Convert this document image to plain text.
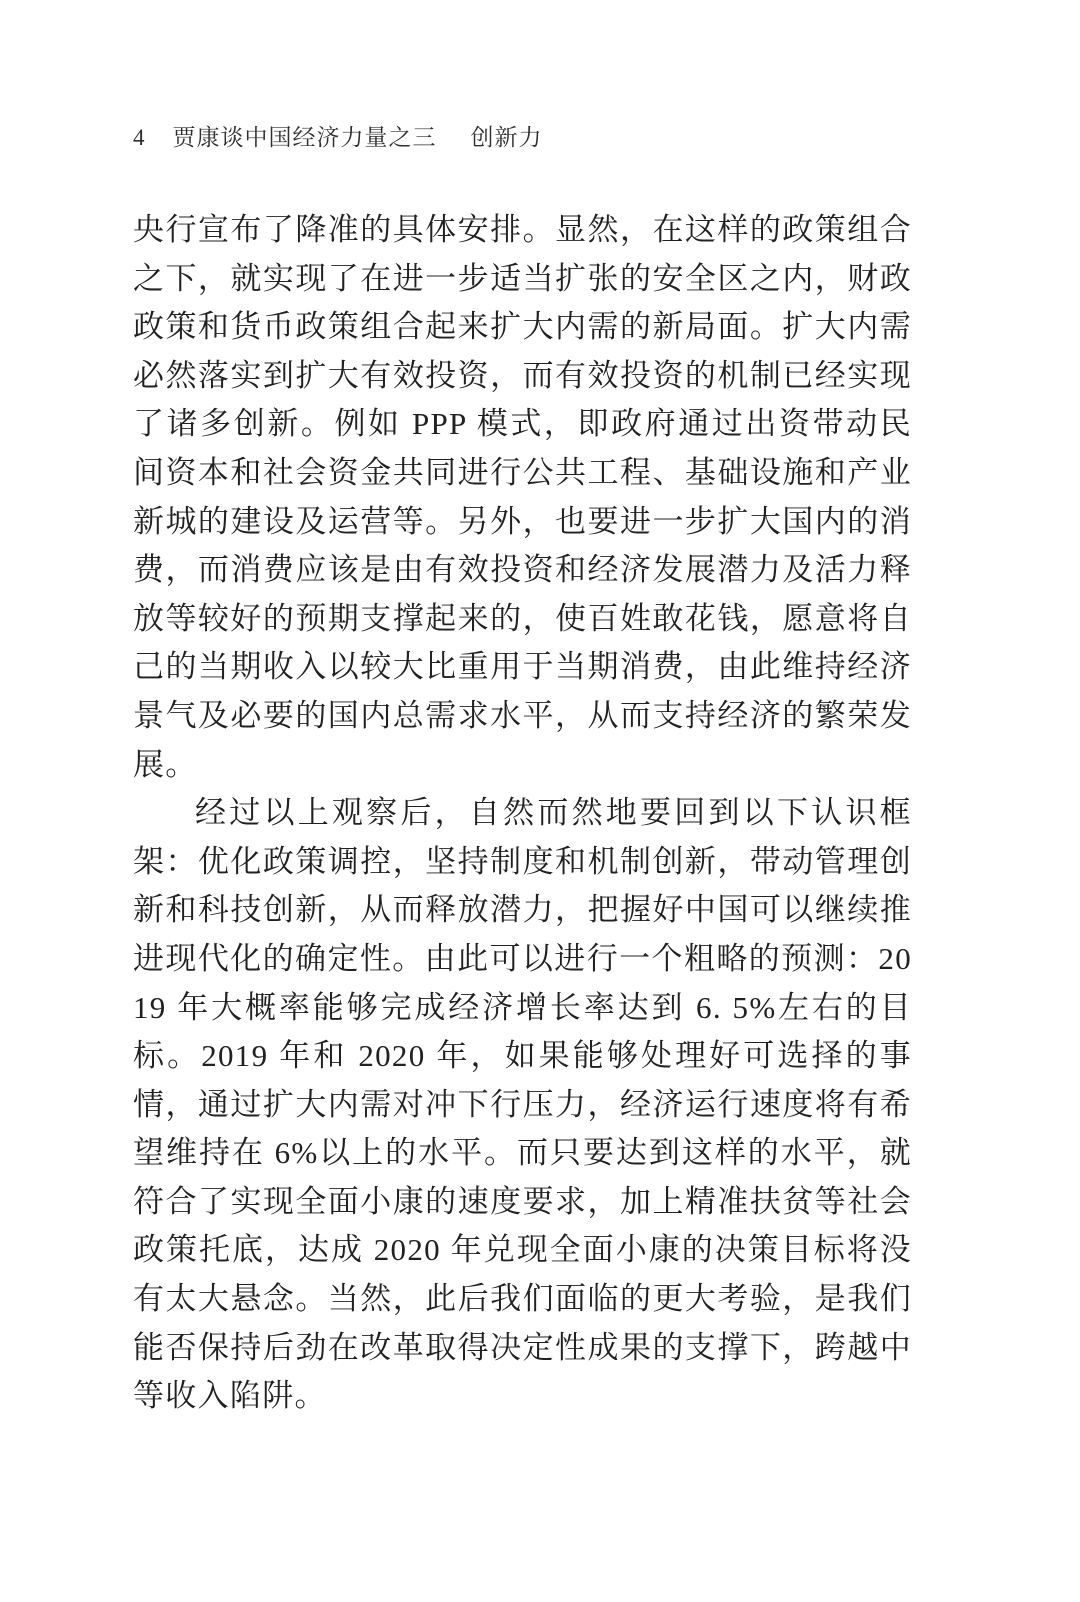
4 贾康谈中国经济力量之三 创新力

央行宣布了降准的具体安排。显然，在这样的政策组合之下，就实现了在进一步适当扩张的安全区之内，财政政策和货币政策组合起来扩大内需的新局面。扩大内需必然落实到扩大有效投资，而有效投资的机制已经实现了诸多创新。例如 PPP 模式，即政府通过出资带动民间资本和社会资金共同进行公共工程、基础设施和产业新城的建设及运营等。另外，也要进一步扩大国内的消费，而消费应该是由有效投资和经济发展潜力及活力释放等较好的预期支撑起来的，使百姓敢花钱，愿意将自己的当期收入以较大比重用于当期消费，由此维持经济景气及必要的国内总需求水平，从而支持经济的繁荣发展。

经过以上观察后，自然而然地要回到以下认识框架：优化政策调控，坚持制度和机制创新，带动管理创新和科技创新，从而释放潜力，把握好中国可以继续推进现代化的确定性。由此可以进行一个粗略的预测：2019 年大概率能够完成经济增长率达到 6. 5%左右的目标。2019 年和 2020 年，如果能够处理好可选择的事情，通过扩大内需对冲下行压力，经济运行速度将有希望维持在 6%以上的水平。而只要达到这样的水平，就符合了实现全面小康的速度要求，加上精准扶贫等社会政策托底，达成 2020 年兑现全面小康的决策目标将没有太大悬念。当然，此后我们面临的更大考验，是我们能否保持后劲在改革取得决定性成果的支撑下，跨越中等收入陷阱。
